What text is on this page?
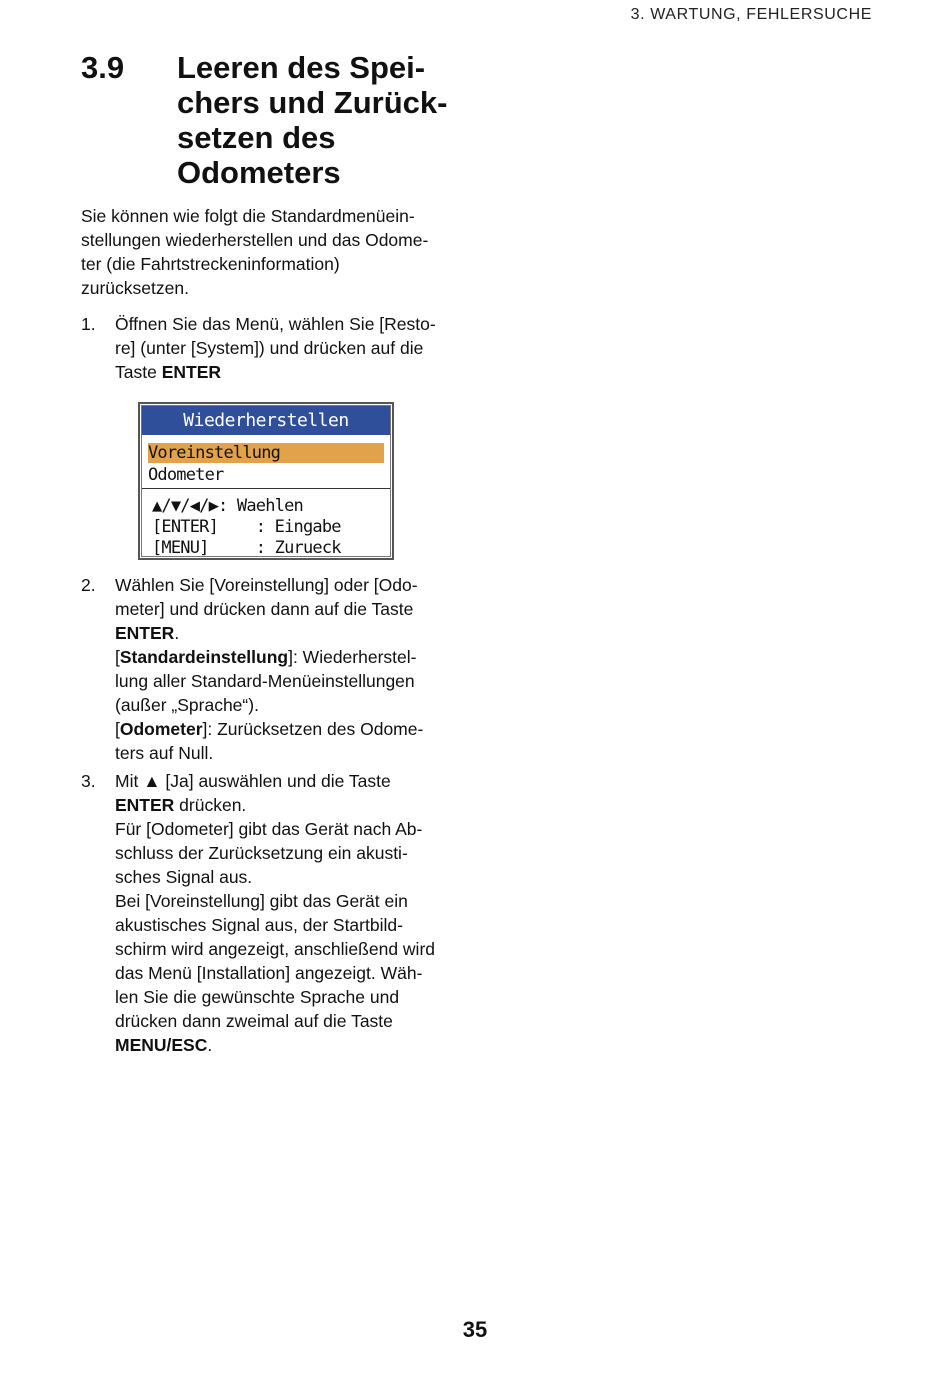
3. WARTUNG, FEHLERSUCHE
3.9 Leeren des Spei-
chers und Zurück-
setzen des
Odometers
Sie können wie folgt die Standardmenüein-
stellungen wiederherstellen und das Odome-
ter (die Fahrtstreckeninformation)
zurücksetzen.
1. Öffnen Sie das Menü, wählen Sie [Resto-
re] (unter [System]) und drücken auf die
Taste ENTER
Wiederherstellen
Voreinstellung
Odometer
▲/▼/◀/▶: Waehlen
[ENTER]    : Eingabe
[MENU]     : Zurueck
2. Wählen Sie [Voreinstellung] oder [Odo-
meter] und drücken dann auf die Taste
ENTER.
[Standardeinstellung]: Wiederherstel-
lung aller Standard-Menüeinstellungen
(außer „Sprache“).
[Odometer]: Zurücksetzen des Odome-
ters auf Null.
3. Mit ▲ [Ja] auswählen und die Taste
ENTER drücken.
Für [Odometer] gibt das Gerät nach Ab-
schluss der Zurücksetzung ein akusti-
sches Signal aus.
Bei [Voreinstellung] gibt das Gerät ein
akustisches Signal aus, der Startbild-
schirm wird angezeigt, anschließend wird
das Menü [Installation] angezeigt. Wäh-
len Sie die gewünschte Sprache und
drücken dann zweimal auf die Taste
MENU/ESC.
35
